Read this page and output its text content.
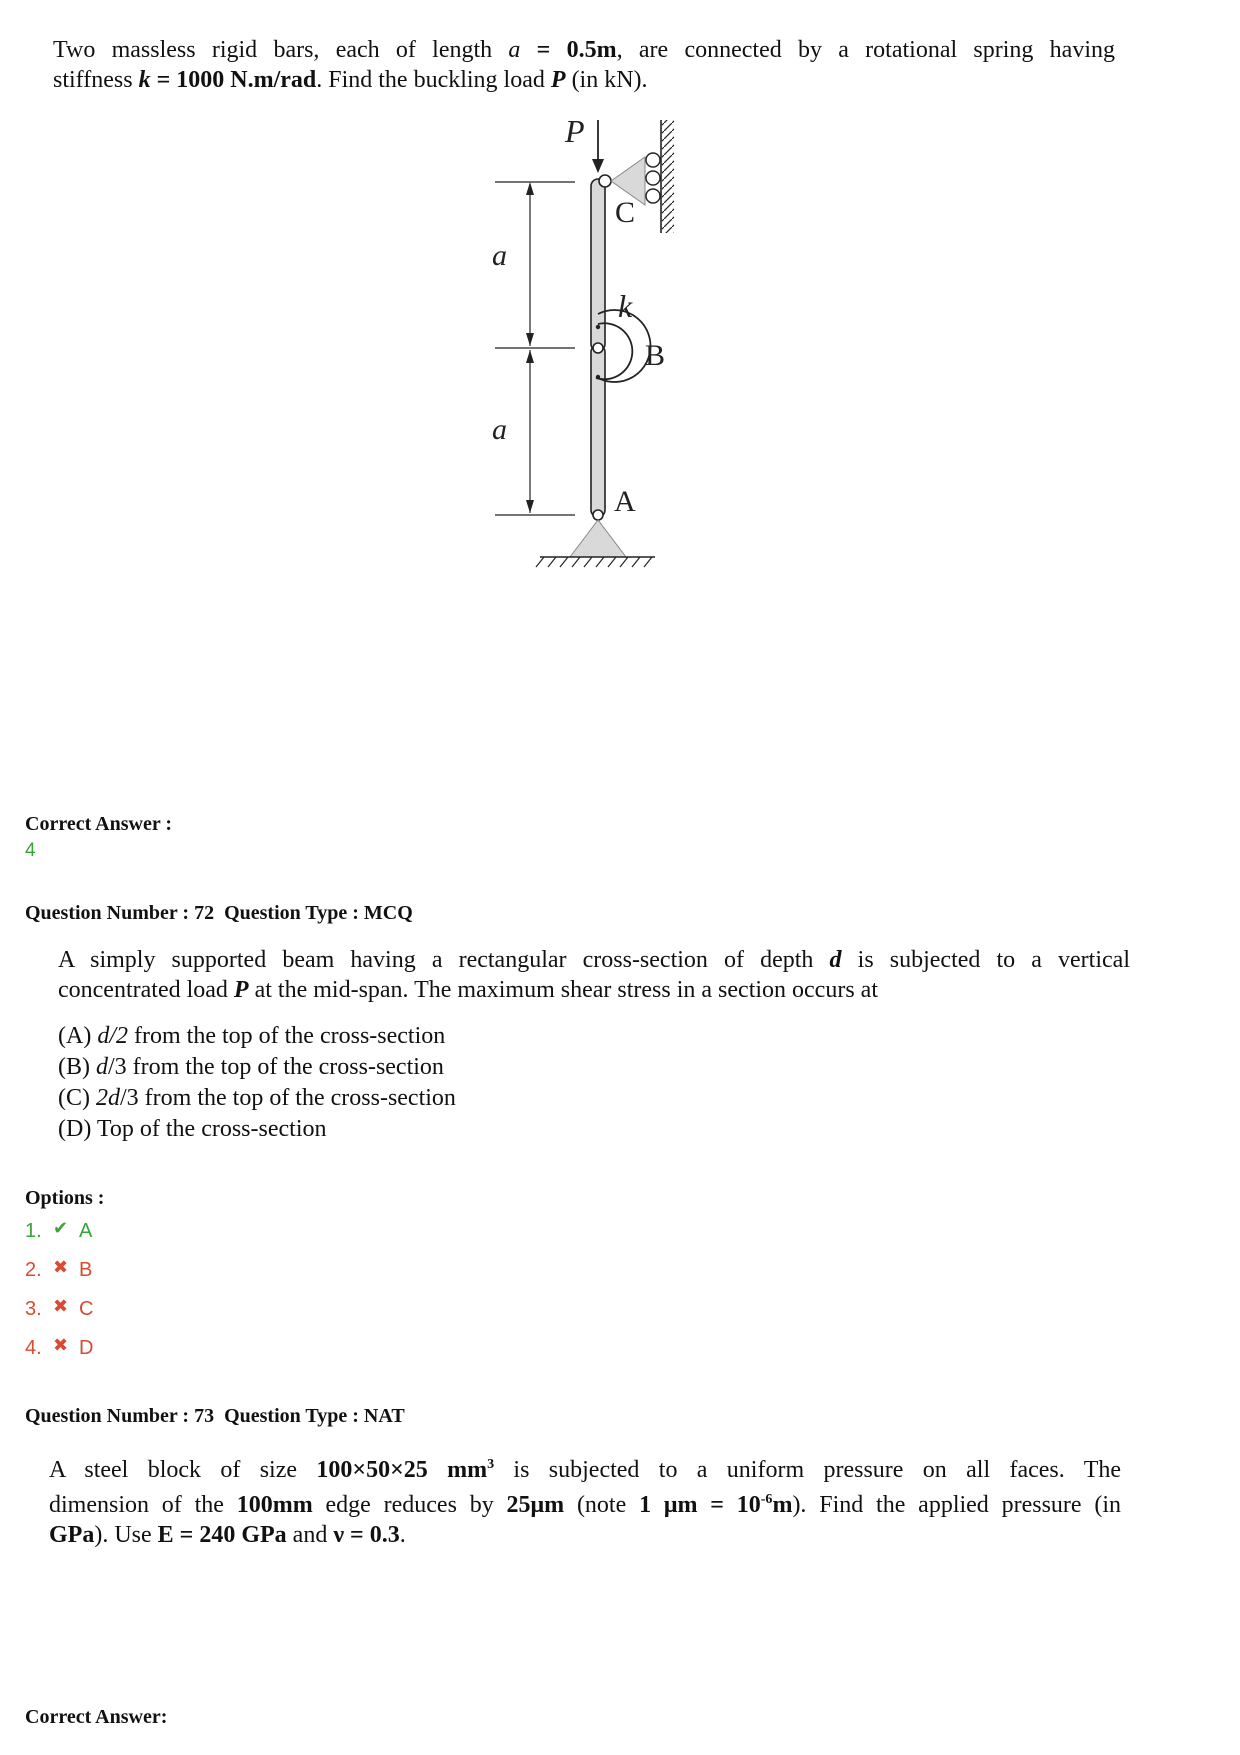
Two massless rigid bars, each of length a = 0.5m, are connected by a rotational spring having
stiffness k = 1000 N.m/rad. Find the buckling load P (in kN).
a
a
P
C
k
B
A
Correct Answer :
4
Question Number : 72  Question Type : MCQ
A simply supported beam having a rectangular cross-section of depth d is subjected to a vertical
concentrated load P at the mid-span. The maximum shear stress in a section occurs at
(A) d/2 from the top of the cross-section
(B) d/3 from the top of the cross-section
(C) 2d/3 from the top of the cross-section
(D) Top of the cross-section
Options :
1. ✔ A
2. ✖ B
3. ✖ C
4. ✖ D
Question Number : 73  Question Type : NAT
A steel block of size 100×50×25 $mm^3$ is subjected to a uniform pressure on all faces. The
dimension of the 100mm edge reduces by 25μm (note 1 $\mu m = 10^{-6}m$). Find the applied pressure (in
GPa). Use E = 240 GPa and ν = 0.3.
Correct Answer:
